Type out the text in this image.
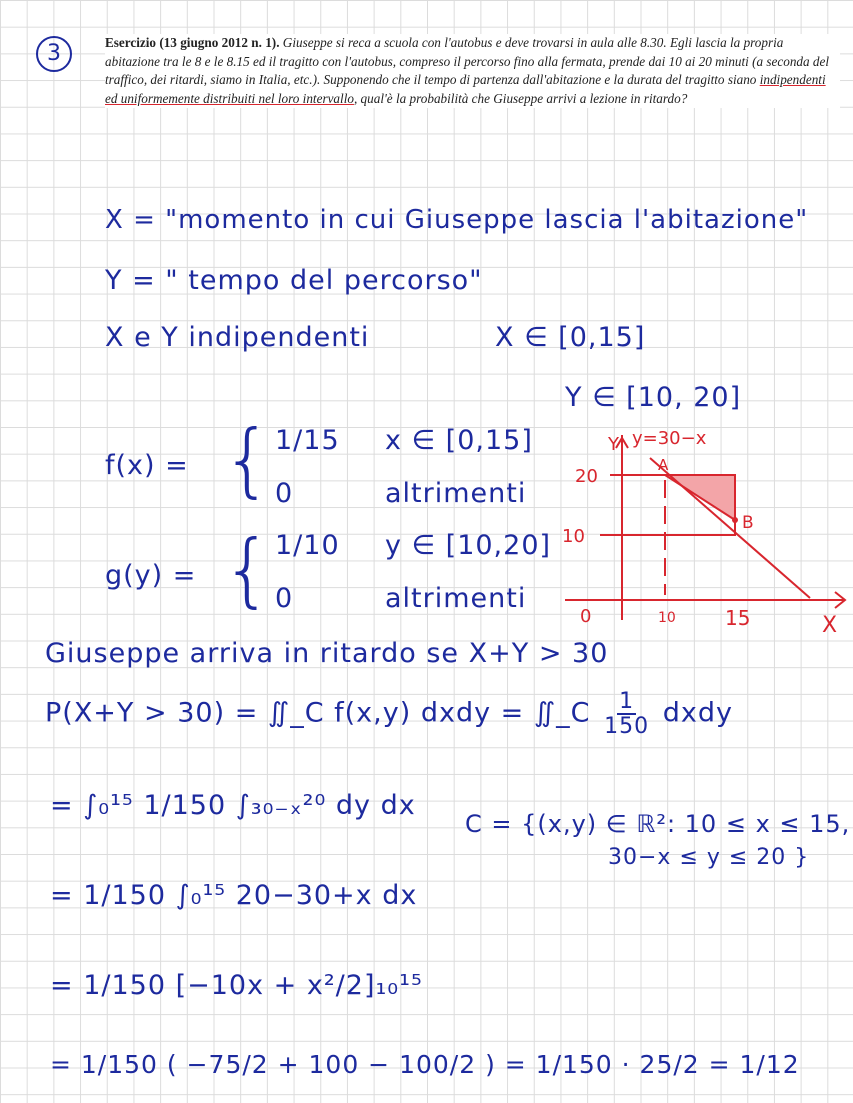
3	Esercizio (13 giugno 2012 n. 1). Giuseppe si reca a scuola con l'autobus e deve trovarsi in aula alle 8.30. Egli lascia la propria abitazione tra le 8 e le 8.15 ed il tragitto con l'autobus, compreso il percorso fino alla fermata, prende dai 10 ai 20 minuti (a seconda del traffico, dei ritardi, siamo in Italia, etc.). Supponendo che il tempo di partenza dall'abitazione e la durata del tragitto siano indipendenti ed uniformemente distribuiti nel loro intervallo, qual'è la probabilità che Giuseppe arrivi a lezione in ritardo?
X = "momento in cui Giuseppe lascia l'abitazione"
Y = " tempo del percorso"
X e Y indipendenti	X ∈ [0,15]
Y ∈ [10, 20]
f(x) = { 1/15 x ∈ [0,15]
0	altrimenti
g(y) = { 1/10 y ∈ [10,20]
0	altrimenti
Y y=30−x
A
B
20
10
0	10 15	X
Giuseppe arriva in ritardo se X+Y > 30
P(X+Y > 30) = ∬_C f(x,y) dxdy = ∬_C $\frac{1}{150}$ dxdy
= ∫₀¹⁵ 1/150 ∫₃₀₋ₓ²⁰ dy dx
C = {(x,y) ∈ ℝ²: 10 ≤ x ≤ 15,
30−x ≤ y ≤ 20 }
= 1/150 ∫₀¹⁵ 20−30+x dx
= 1/150 [−10x + x²/2]₁₀¹⁵
= 1/150 ( −75/2 + 100 − 100/2 ) = 1/150 · 25/2 = 1/12
